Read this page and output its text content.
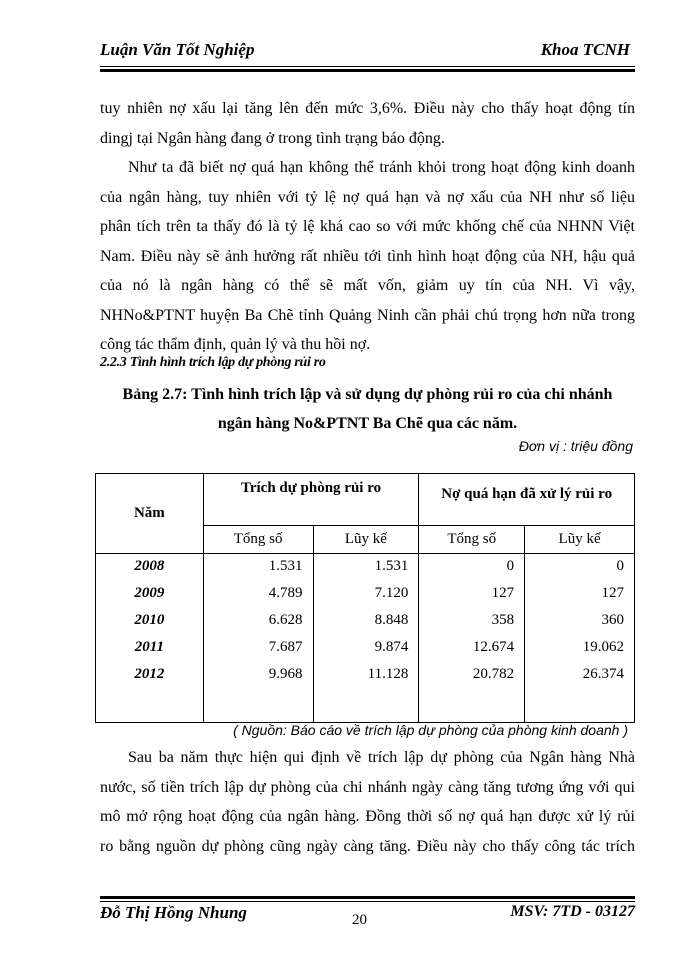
Luận Văn Tốt Nghiệp	Khoa TCNH
tuy nhiên nợ xấu lại tăng lên đến mức 3,6%. Điều này cho thấy hoạt động tín
dingj tại Ngân hàng đang ở trong tình trạng báo động.
Như ta đã biết nợ quá hạn không thể tránh khỏi trong hoạt động kinh doanh
của ngân hàng, tuy nhiên với tỷ lệ nợ quá hạn và nợ xấu của NH như số liệu
phân tích trên ta thấy đó là tỷ lệ khá cao so với mức khống chế của NHNN Việt
Nam. Điều này sẽ ảnh hưởng rất nhiều tới tình hình hoạt động của NH, hậu quả
của nó là ngân hàng có thể sẽ mất vốn, giảm uy tín của NH. Vì vậy,
NHNo&PTNT huyện Ba Chẽ tỉnh Quảng Ninh cần phải chú trọng hơn nữa trong
công tác thẩm định, quản lý và thu hồi nợ.
2.2.3 Tình hình trích lập dự phòng rủi ro
Bảng 2.7: Tình hình trích lập và sử dụng dự phòng rủi ro của chi nhánh
ngân hàng No&PTNT Ba Chẽ qua các năm.
Đơn vị : triệu đồng
Năm	Trích dự phòng rủi ro		Nợ quá hạn đã xử lý rủi ro	
	Tổng số	Lũy kế	Tổng số	Lũy kế
2008	1.531	1.531	0	0
2009	4.789	7.120	127	127
2010	6.628	8.848	358	360
2011	7.687	9.874	12.674	19.062
2012	9.968	11.128	20.782	26.374

( Nguồn: Báo cáo về trích lập dự phòng của phòng kinh doanh )
Sau ba năm thực hiện qui định về trích lập dự phòng của Ngân hàng Nhà
nước, số tiền trích lập dự phòng của chi nhánh ngày càng tăng tương ứng với qui
mô mở rộng hoạt động của ngân hàng. Đồng thời số nợ quá hạn được xử lý rủi
ro bằng nguồn dự phòng cũng ngày càng tăng. Điều này cho thấy công tác trích
Đỗ Thị Hồng Nhung	20	MSV: 7TD - 03127
